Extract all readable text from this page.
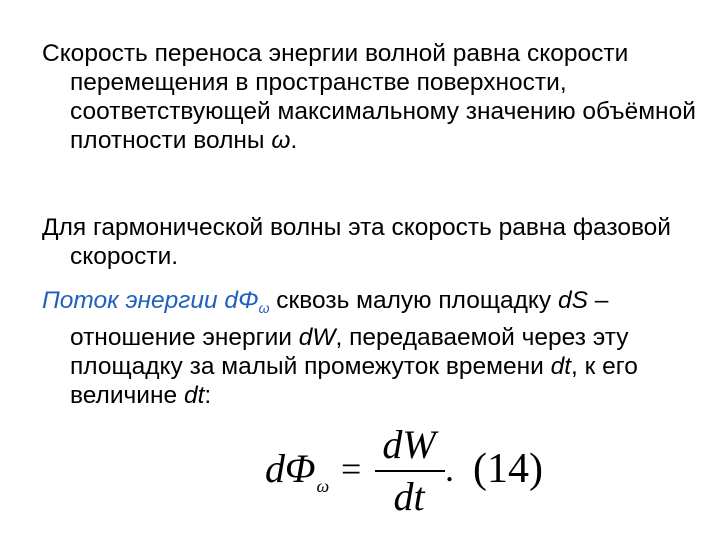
Скорость переноса энергии волной равна скорости перемещения в пространстве поверхности, соответствующей максимальному значению объёмной плотности волны ω.
Для гармонической волны эта скорость равна фазовой скорости.
Поток энергии $d\Phi_\omega$ сквозь малую площадку dS – отношение энергии dW, передаваемой через эту площадку за малый промежуток времени dt, к его величине dt:
$d\Phi_\omega$ =
dW
dt
. (14)
